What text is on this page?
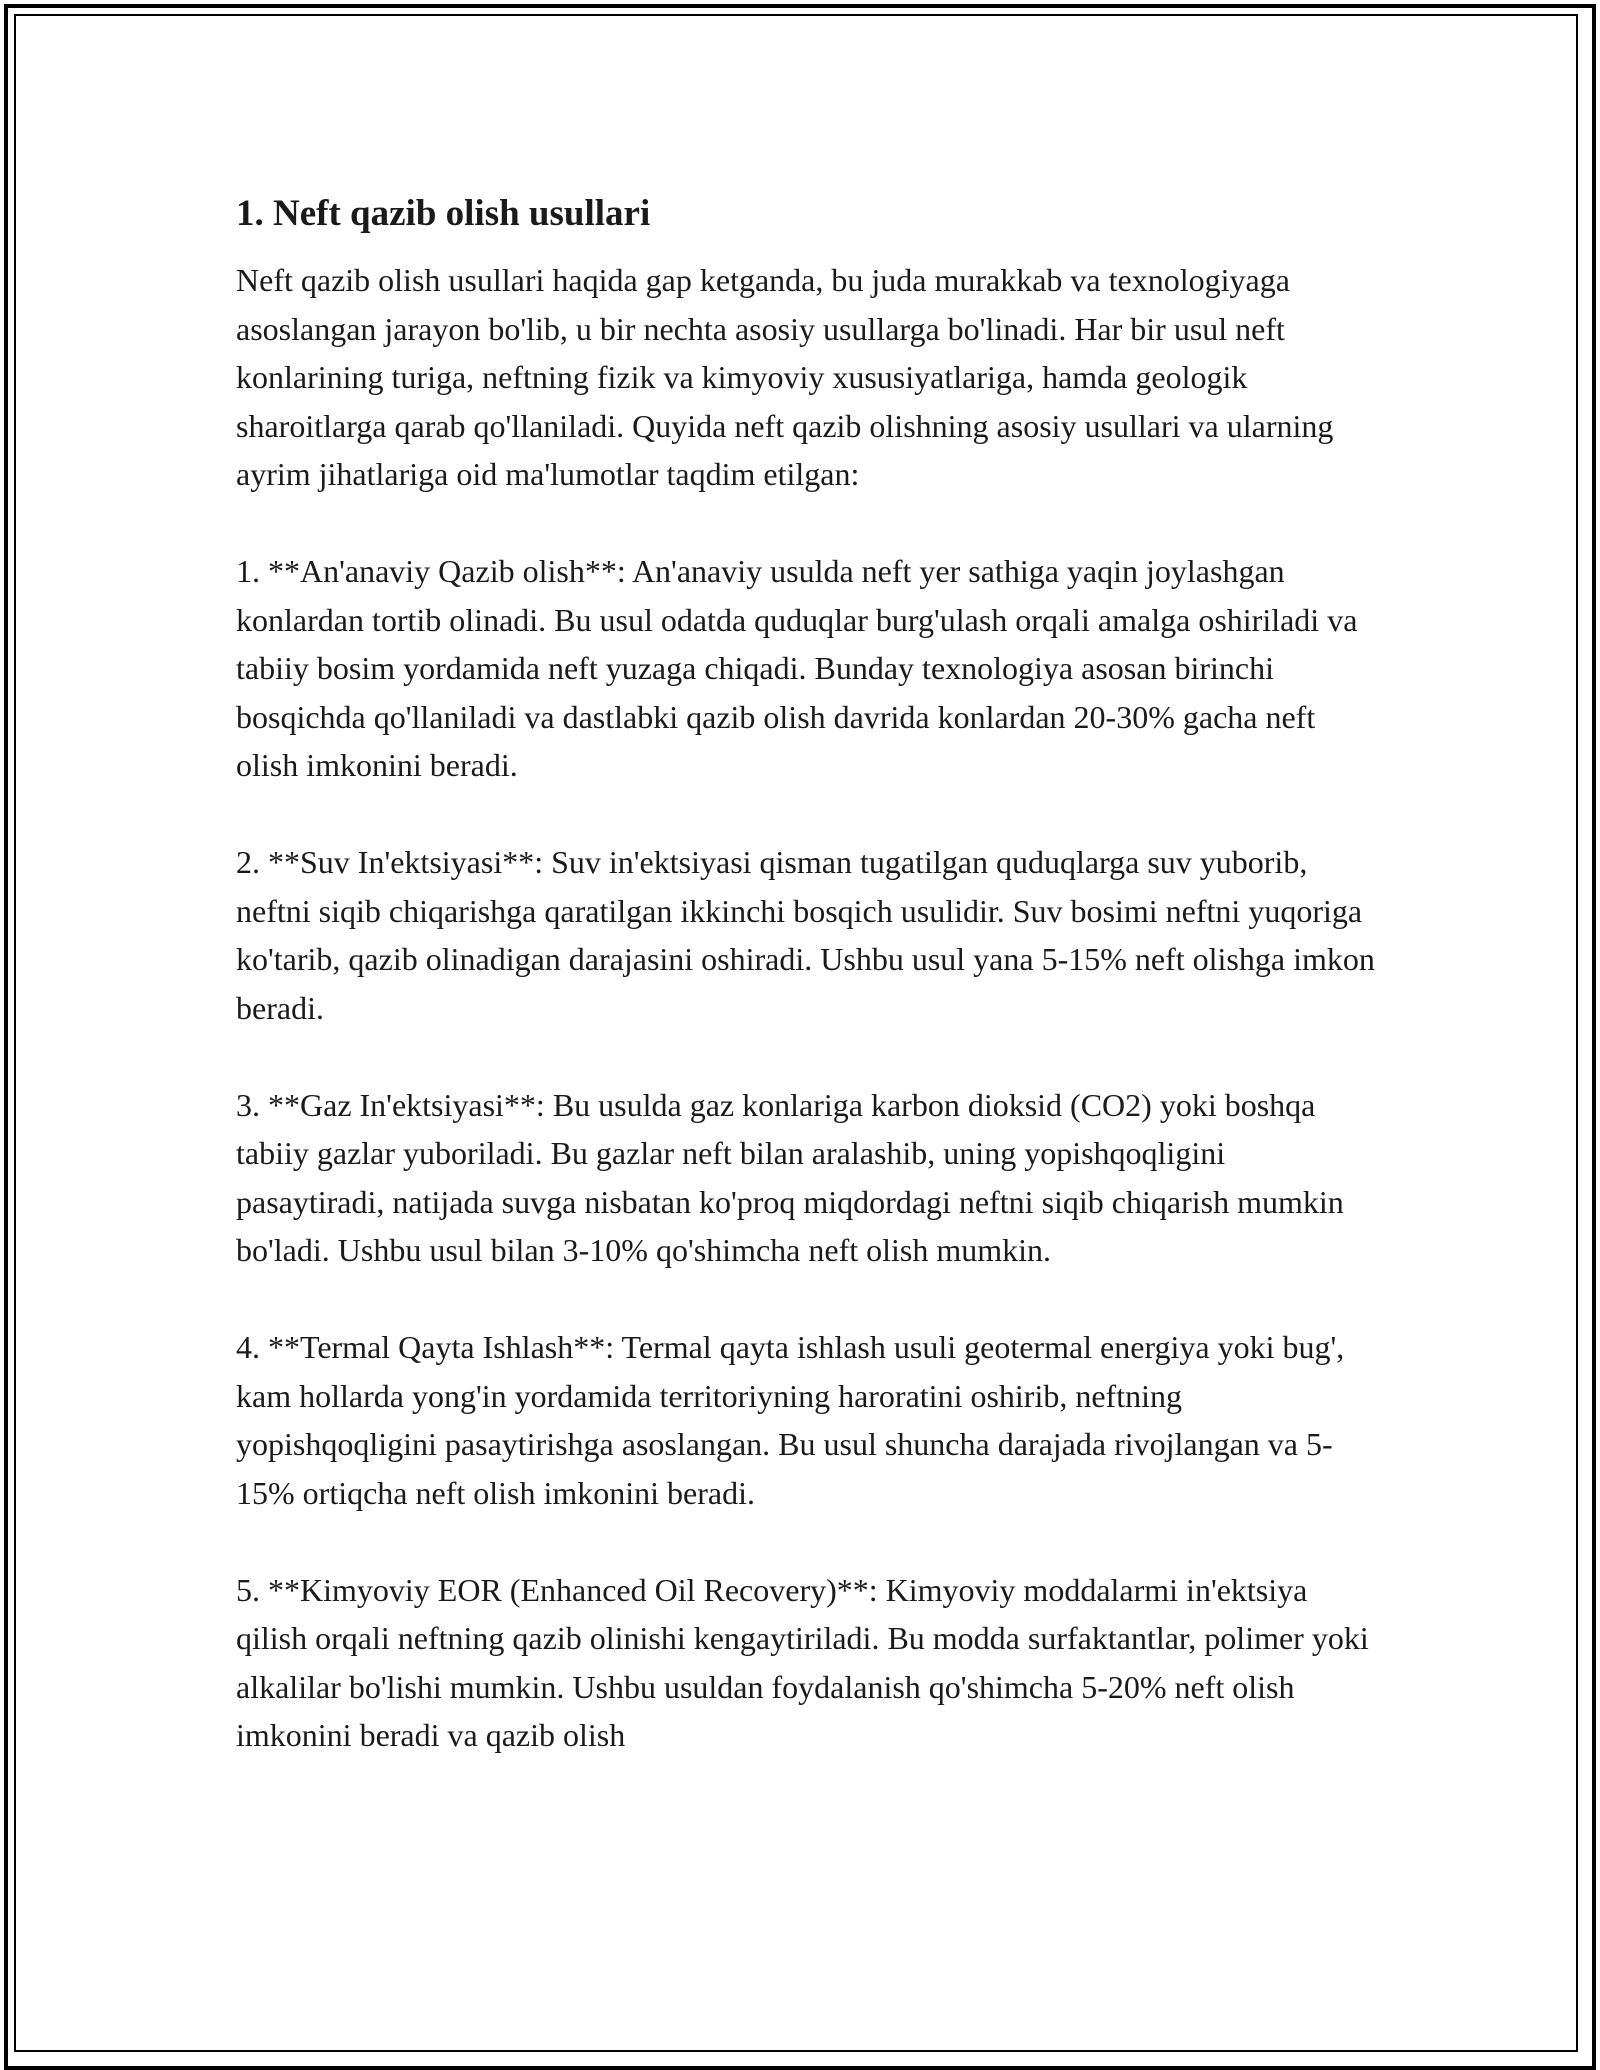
1. Neft qazib olish usullari

Neft qazib olish usullari haqida gap ketganda, bu juda murakkab va texnologiyaga asoslangan jarayon bo'lib, u bir nechta asosiy usullarga bo'linadi. Har bir usul neft konlarining turiga, neftning fizik va kimyoviy xususiyatlariga, hamda geologik sharoitlarga qarab qo'llaniladi. Quyida neft qazib olishning asosiy usullari va ularning ayrim jihatlariga oid ma'lumotlar taqdim etilgan:

1. **An'anaviy Qazib olish**: An'anaviy usulda neft yer sathiga yaqin joylashgan konlardan tortib olinadi. Bu usul odatda quduqlar burg'ulash orqali amalga oshiriladi va tabiiy bosim yordamida neft yuzaga chiqadi. Bunday texnologiya asosan birinchi bosqichda qo'llaniladi va dastlabki qazib olish davrida konlardan 20-30% gacha neft olish imkonini beradi.

2. **Suv In'ektsiyasi**: Suv in'ektsiyasi qisman tugatilgan quduqlarga suv yuborib, neftni siqib chiqarishga qaratilgan ikkinchi bosqich usulidir. Suv bosimi neftni yuqoriga ko'tarib, qazib olinadigan darajasini oshiradi. Ushbu usul yana 5-15% neft olishga imkon beradi.

3. **Gaz In'ektsiyasi**: Bu usulda gaz konlariga karbon dioksid (CO2) yoki boshqa tabiiy gazlar yuboriladi. Bu gazlar neft bilan aralashib, uning yopishqoqligini pasaytiradi, natijada suvga nisbatan ko'proq miqdordagi neftni siqib chiqarish mumkin bo'ladi. Ushbu usul bilan 3-10% qo'shimcha neft olish mumkin.

4. **Termal Qayta Ishlash**: Termal qayta ishlash usuli geotermal energiya yoki bug', kam hollarda yong'in yordamida territoriyning haroratini oshirib, neftning yopishqoqligini pasaytirishga asoslangan. Bu usul shuncha darajada rivojlangan va 5-15% ortiqcha neft olish imkonini beradi.

5. **Kimyoviy EOR (Enhanced Oil Recovery)**: Kimyoviy moddalarmi in'ektsiya qilish orqali neftning qazib olinishi kengaytiriladi. Bu modda surfaktantlar, polimer yoki alkalilar bo'lishi mumkin. Ushbu usuldan foydalanish qo'shimcha 5-20% neft olish imkonini beradi va qazib olish
